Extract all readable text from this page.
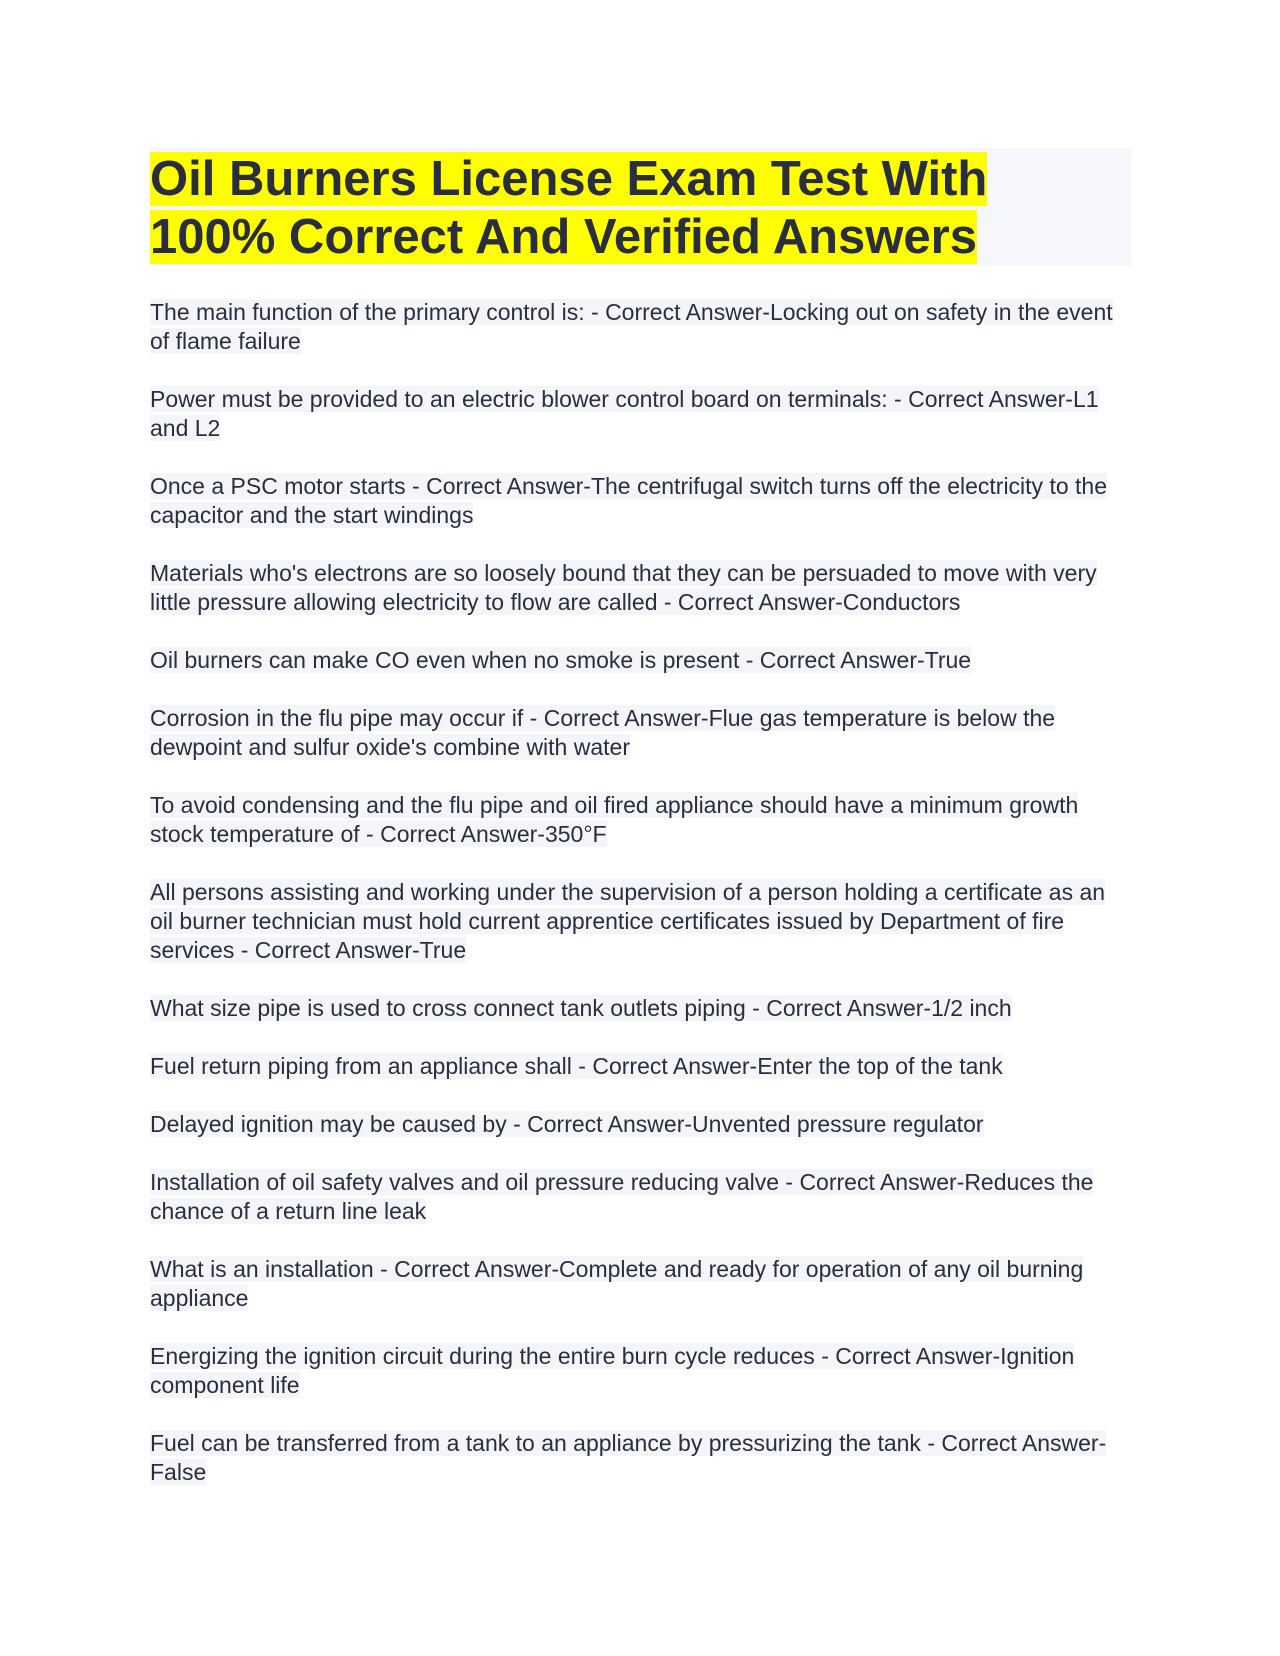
Oil Burners License Exam Test With 100% Correct And Verified Answers

The main function of the primary control is: - Correct Answer-Locking out on safety in the event of flame failure

Power must be provided to an electric blower control board on terminals: - Correct Answer-L1 and L2

Once a PSC motor starts - Correct Answer-The centrifugal switch turns off the electricity to the capacitor and the start windings

Materials who's electrons are so loosely bound that they can be persuaded to move with very little pressure allowing electricity to flow are called - Correct Answer-Conductors

Oil burners can make CO even when no smoke is present - Correct Answer-True

Corrosion in the flu pipe may occur if - Correct Answer-Flue gas temperature is below the dewpoint and sulfur oxide's combine with water

To avoid condensing and the flu pipe and oil fired appliance should have a minimum growth stock temperature of - Correct Answer-350°F

All persons assisting and working under the supervision of a person holding a certificate as an oil burner technician must hold current apprentice certificates issued by Department of fire services - Correct Answer-True

What size pipe is used to cross connect tank outlets piping - Correct Answer-1/2 inch

Fuel return piping from an appliance shall - Correct Answer-Enter the top of the tank

Delayed ignition may be caused by - Correct Answer-Unvented pressure regulator

Installation of oil safety valves and oil pressure reducing valve - Correct Answer-Reduces the chance of a return line leak

What is an installation - Correct Answer-Complete and ready for operation of any oil burning appliance

Energizing the ignition circuit during the entire burn cycle reduces - Correct Answer-Ignition component life

Fuel can be transferred from a tank to an appliance by pressurizing the tank - Correct Answer-False
